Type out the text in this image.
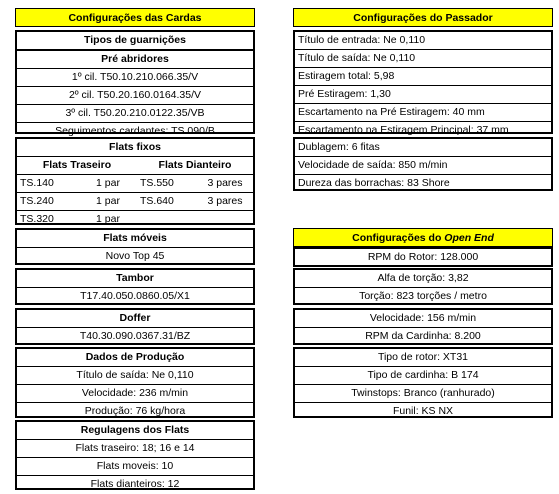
Configurações das Cardas
Tipos de guarnições
Pré abridores
1º cil. T50.10.210.066.35/V
2º cil. T50.20.160.0164.35/V
3º cil. T50.20.210.0122.35/VB
Seguimentos cardantes: TS.090/B
Flats fixos			
Flats Traseiro		Flats Dianteiro	
TS.140	1 par	TS.550	3 pares
TS.240	1 par	TS.640	3 pares
TS.320	1 par		
Flats móveis
Novo Top 45
Tambor
T17.40.050.0860.05/X1
Doffer
T40.30.090.0367.31/BZ
Dados de Produção
Título de saída: Ne 0,110
Velocidade: 236 m/min
Produção: 76 kg/hora
Regulagens dos Flats
Flats traseiro: 18; 16 e 14
Flats moveis: 10
Flats dianteiros: 12
Configurações do Passador
Título de entrada: Ne 0,110
Título de saída: Ne 0,110
Estiragem total: 5,98
Pré Estiragem: 1,30
Escartamento na Pré Estiragem: 40 mm
Escartamento na Estiragem Principal: 37 mm
Dublagem: 6 fitas
Velocidade de saída: 850 m/min
Dureza das borrachas: 83 Shore
Configurações do Open End
RPM do Rotor: 128.000
Alfa de torção: 3,82
Torção: 823 torções / metro
Velocidade: 156 m/min
RPM da Cardinha: 8.200
Tipo de rotor: XT31
Tipo de cardinha: B 174
Twinstops: Branco (ranhurado)
Funil: KS NX
